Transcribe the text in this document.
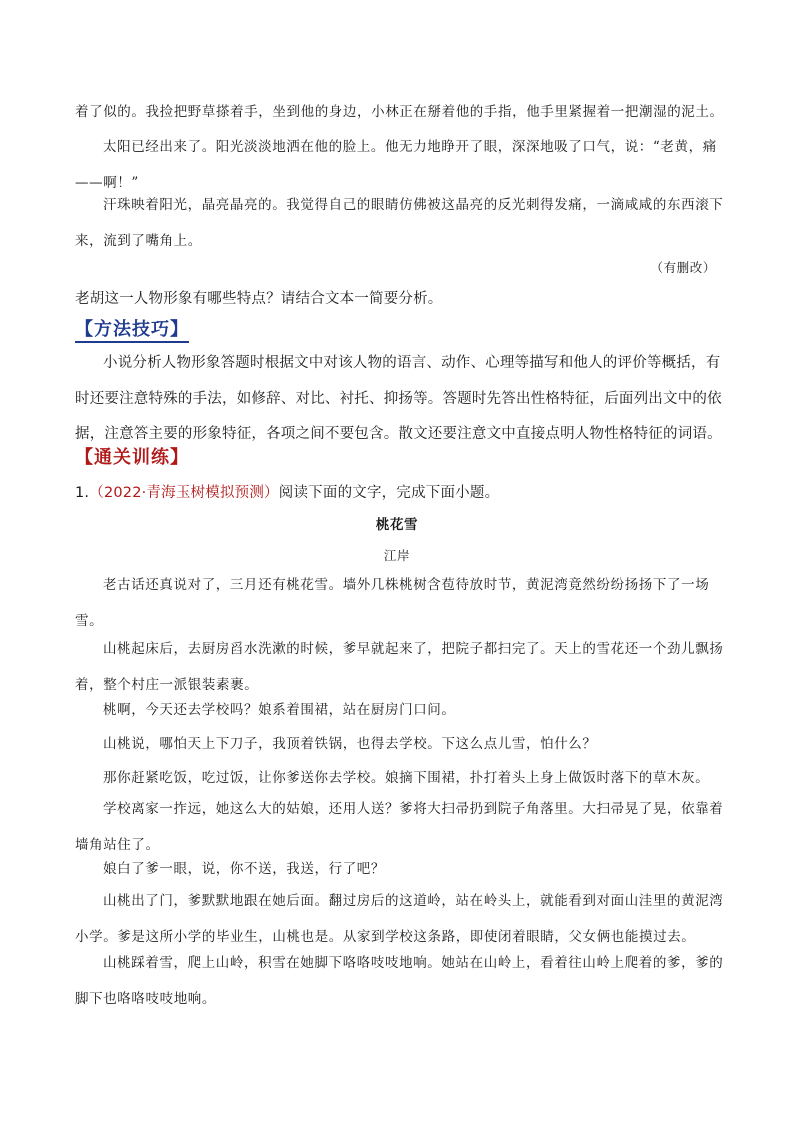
着了似的。我捡把野草搽着手，坐到他的身边，小林正在掰着他的手指，他手里紧握着一把潮湿的泥土。

太阳已经出来了。阳光淡淡地洒在他的脸上。他无力地睁开了眼，深深地吸了口气，说：“老黄，痛——啊！”

汗珠映着阳光，晶亮晶亮的。我觉得自己的眼睛仿佛被这晶亮的反光刺得发痛，一滴咸咸的东西滚下来，流到了嘴角上。

（有删改）

老胡这一人物形象有哪些特点？请结合文本一简要分析。

【方法技巧】

小说分析人物形象答题时根据文中对该人物的语言、动作、心理等描写和他人的评价等概括，有时还要注意特殊的手法，如修辞、对比、衬托、抑扬等。答题时先答出性格特征，后面列出文中的依据，注意答主要的形象特征，各项之间不要包含。散文还要注意文中直接点明人物性格特征的词语。

【通关训练】

1.（2022·青海玉树模拟预测）阅读下面的文字，完成下面小题。

桃花雪
江岸

老古话还真说对了，三月还有桃花雪。墙外几株桃树含苞待放时节，黄泥湾竟然纷纷扬扬下了一场雪。

山桃起床后，去厨房舀水洗漱的时候，爹早就起来了，把院子都扫完了。天上的雪花还一个劲儿飘扬着，整个村庄一派银装素裹。

桃啊，今天还去学校吗？娘系着围裙，站在厨房门口问。

山桃说，哪怕天上下刀子，我顶着铁锅，也得去学校。下这么点儿雪，怕什么？

那你赶紧吃饭，吃过饭，让你爹送你去学校。娘摘下围裙，扑打着头上身上做饭时落下的草木灰。

学校离家一拃远，她这么大的姑娘，还用人送？爹将大扫帚扔到院子角落里。大扫帚晃了晃，依靠着墙角站住了。

娘白了爹一眼，说，你不送，我送，行了吧？

山桃出了门，爹默默地跟在她后面。翻过房后的这道岭，站在岭头上，就能看到对面山洼里的黄泥湾小学。爹是这所小学的毕业生，山桃也是。从家到学校这条路，即使闭着眼睛，父女俩也能摸过去。

山桃踩着雪，爬上山岭，积雪在她脚下咯咯吱吱地响。她站在山岭上，看着往山岭上爬着的爹，爹的脚下也咯咯吱吱地响。
